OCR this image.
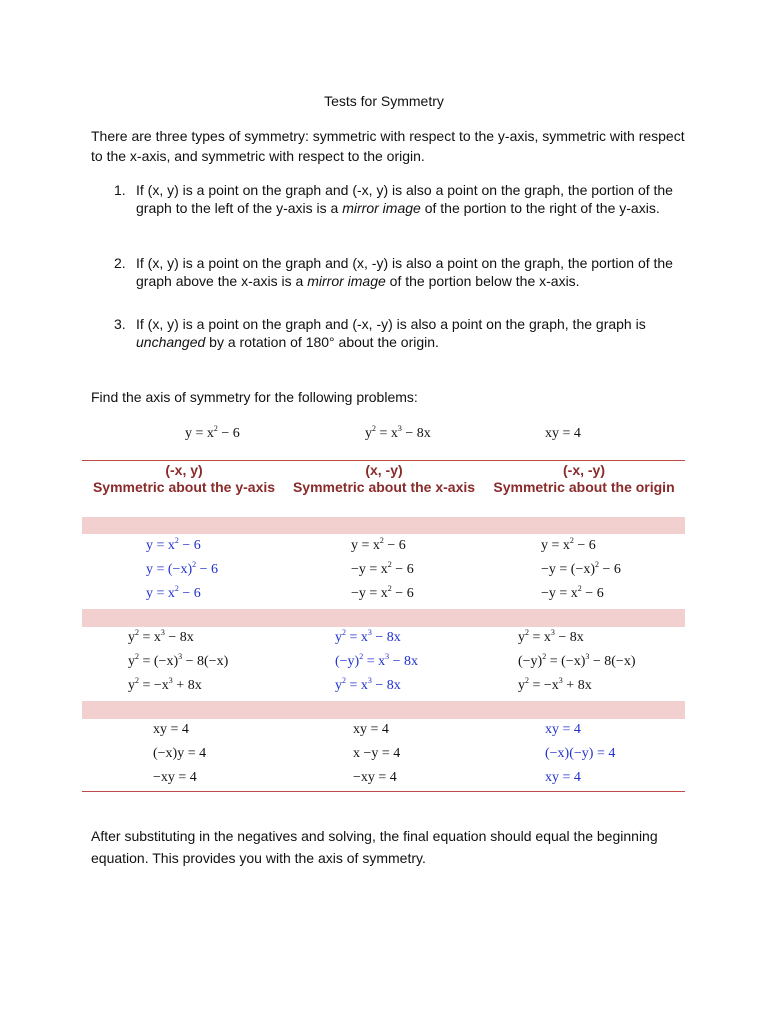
Tests for Symmetry
There are three types of symmetry: symmetric with respect to the y-axis, symmetric with respect to the x-axis, and symmetric with respect to the origin.
1. If (x, y) is a point on the graph and (-x, y) is also a point on the graph, the portion of the graph to the left of the y-axis is a mirror image of the portion to the right of the y-axis.
2. If (x, y) is a point on the graph and (x, -y) is also a point on the graph, the portion of the graph above the x-axis is a mirror image of the portion below the x-axis.
3. If (x, y) is a point on the graph and (-x, -y) is also a point on the graph, the graph is unchanged by a rotation of 180° about the origin.
Find the axis of symmetry for the following problems:
$y = x^2 - 6$	$y^2 = x^3 - 8x$	xy = 4
(-x, y)
Symmetric about the y-axis
(x, -y)
Symmetric about the x-axis
(-x, -y)
Symmetric about the origin
$y = x^2 - 6$
$y = (-x)^2 - 6$
$y = x^2 - 6$
$y = x^2 - 6$
$-y = x^2 - 6$
$-y = x^2 - 6$
$y = x^2 - 6$
$-y = (-x)^2 - 6$
$-y = x^2 - 6$
$y^2 = x^3 - 8x$
$y^2 = (-x)^3 - 8(-x)$
$y^2 = -x^3 + 8x$
$y^2 = x^3 - 8x$
$(-y)^2 = x^3 - 8x$
$y^2 = x^3 - 8x$
$y^2 = x^3 - 8x$
$(-y)^2 = (-x)^3 - 8(-x)$
$y^2 = -x^3 + 8x$
xy = 4
(−x)y = 4
−xy = 4
xy = 4
x −y = 4
−xy = 4
xy = 4
(−x)(−y) = 4
xy = 4
After substituting in the negatives and solving, the final equation should equal the beginning equation. This provides you with the axis of symmetry.
